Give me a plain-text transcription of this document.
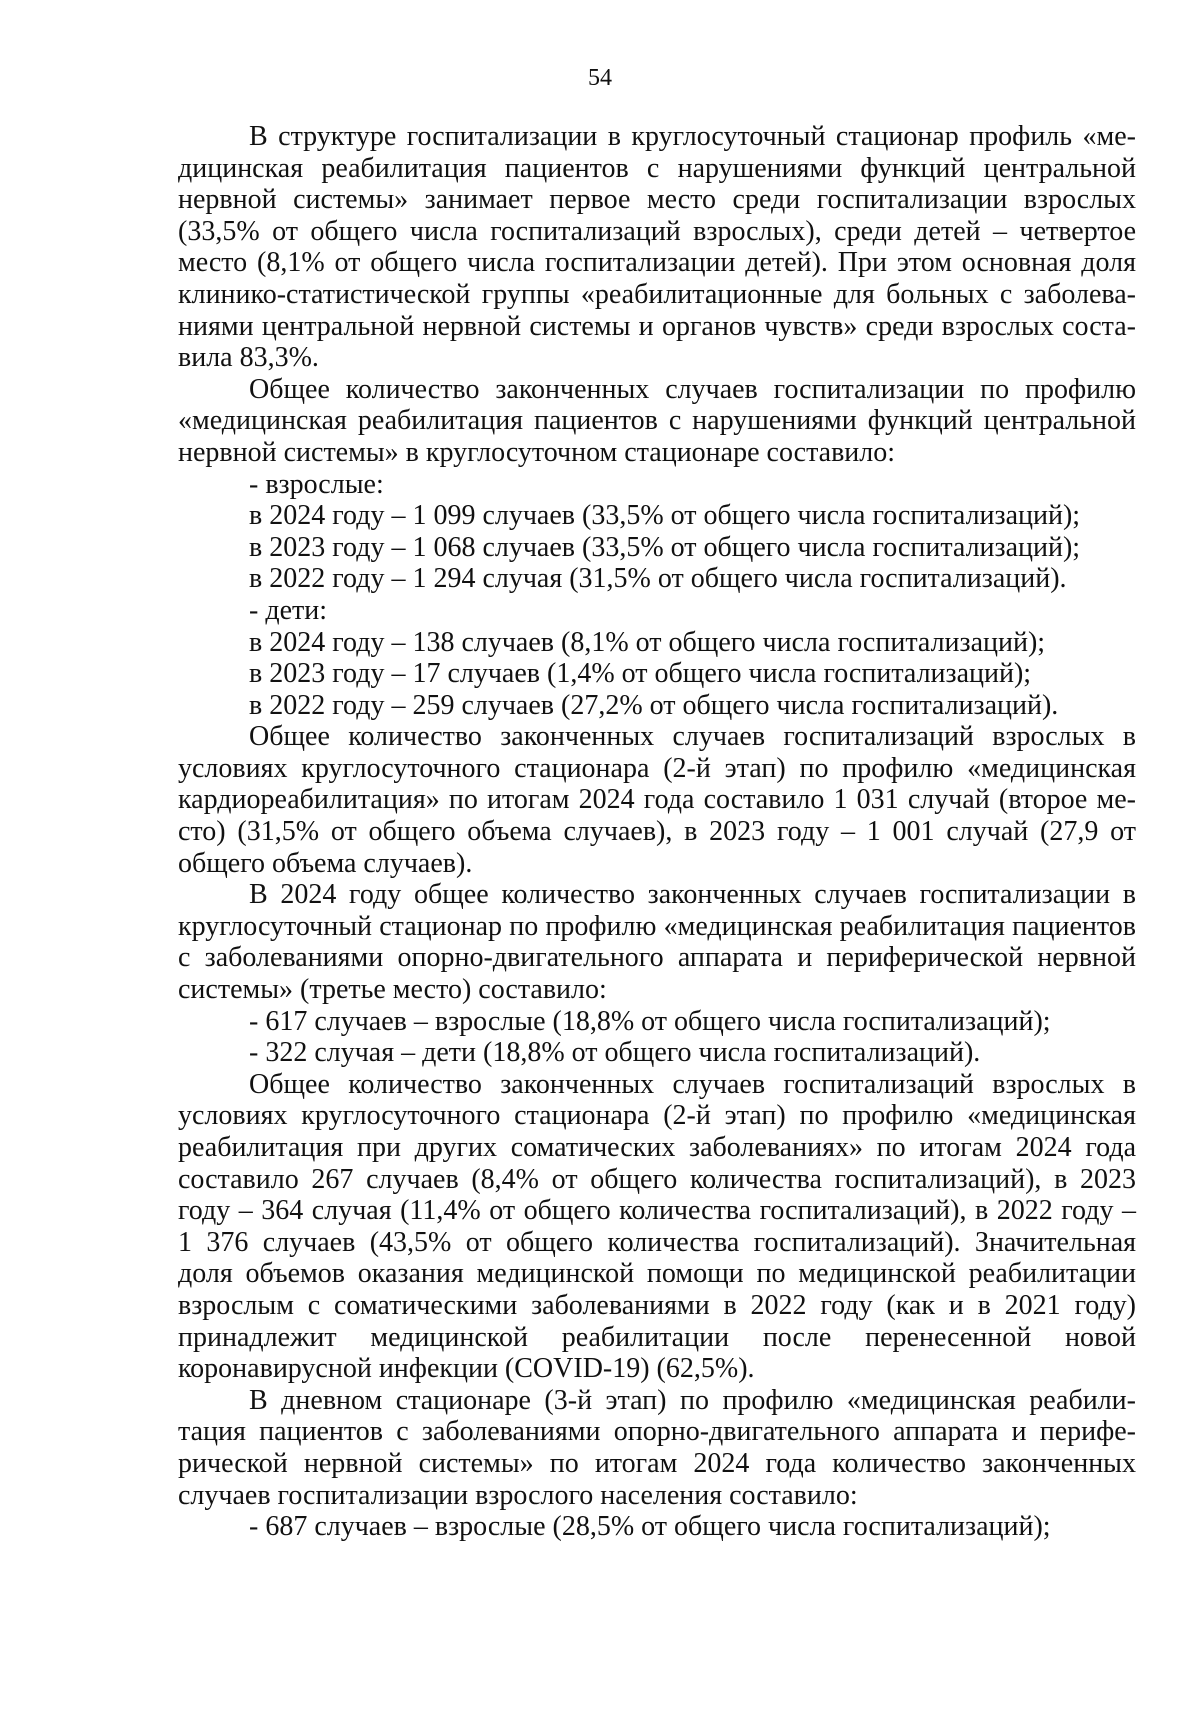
54

В структуре госпитализации в круглосуточный стационар профиль «медицинская реабилитация пациентов с нарушениями функций центральной нервной системы» занимает первое место среди госпитализации взрослых (33,5% от общего числа госпитализаций взрослых), среди детей – четвертое место (8,1% от общего числа госпитализации детей). При этом основная доля клинико-статистической группы «реабилитационные для больных с заболеваниями центральной нервной системы и органов чувств» среди взрослых составила 83,3%.

Общее количество законченных случаев госпитализации по профилю «медицинская реабилитация пациентов с нарушениями функций центральной нервной системы» в круглосуточном стационаре составило:

- взрослые:

в 2024 году – 1 099 случаев (33,5% от общего числа госпитализаций);

в 2023 году – 1 068 случаев (33,5% от общего числа госпитализаций);

в 2022 году – 1 294 случая (31,5% от общего числа госпитализаций).

- дети:

в 2024 году – 138 случаев (8,1% от общего числа госпитализаций);

в 2023 году – 17 случаев (1,4% от общего числа госпитализаций);

в 2022 году – 259 случаев (27,2% от общего числа госпитализаций).

Общее количество законченных случаев госпитализаций взрослых в условиях круглосуточного стационара (2-й этап) по профилю «медицинская кардиореабилитация» по итогам 2024 года составило 1 031 случай (второе место) (31,5% от общего объема случаев), в 2023 году – 1 001 случай (27,9 от общего объема случаев).

В 2024 году общее количество законченных случаев госпитализации в круглосуточный стационар по профилю «медицинская реабилитация пациентов с заболеваниями опорно-двигательного аппарата и периферической нервной системы» (третье место) составило:

- 617 случаев – взрослые (18,8% от общего числа госпитализаций);

- 322 случая – дети (18,8% от общего числа госпитализаций).

Общее количество законченных случаев госпитализаций взрослых в условиях круглосуточного стационара (2-й этап) по профилю «медицинская реабилитация при других соматических заболеваниях» по итогам 2024 года составило 267 случаев (8,4% от общего количества госпитализаций), в 2023 году – 364 случая (11,4% от общего количества госпитализаций), в 2022 году – 1 376 случаев (43,5% от общего количества госпитализаций). Значительная доля объемов оказания медицинской помощи по медицинской реабилитации взрослым с соматическими заболеваниями в 2022 году (как и в 2021 году) принадлежит медицинской реабилитации после перенесенной новой коронавирусной инфекции (COVID-19) (62,5%).

В дневном стационаре (3-й этап) по профилю «медицинская реабилитация пациентов с заболеваниями опорно-двигательного аппарата и периферической нервной системы» по итогам 2024 года количество законченных случаев госпитализации взрослого населения составило:

- 687 случаев – взрослые (28,5% от общего числа госпитализаций);
